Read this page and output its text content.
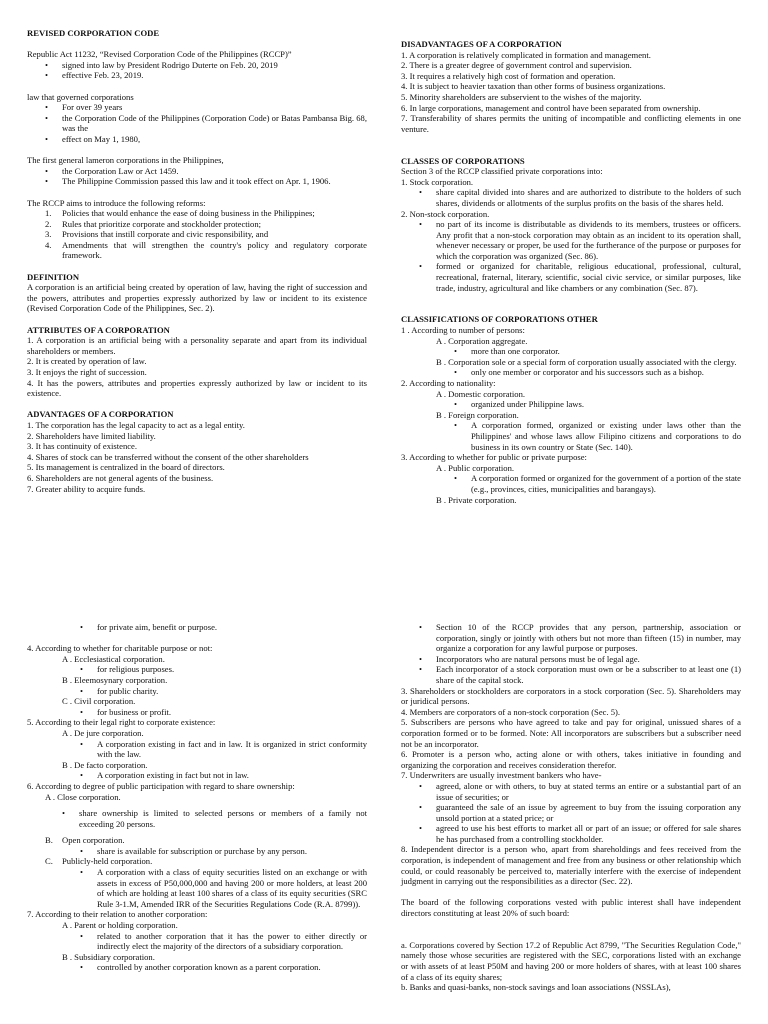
REVISED CORPORATION CODE

Republic Act 11232, “Revised Corporation Code of the Philippines (RCCP)”

• signed into law by President Rodrigo Duterte on Feb. 20, 2019
• effective Feb. 23, 2019.

law that governed corporations

• For over 39 years
• the Corporation Code of the Philippines (Corporation Code) or Batas Pambansa Big. 68, was the
• effect on May 1, 1980,

The first general lameron corporations in the Philippines,

• the Corporation Law or Act 1459.
• The Philippine Commission passed this law and it took effect on Apr. 1, 1906.

The RCCP aims to introduce the following reforms:

1. Policies that would enhance the ease of doing business in the Philippines;
2. Rules that prioritize corporate and stockholder protection;
3. Provisions that instill corporate and civic responsibility, and
4. Amendments that will strengthen the country's policy and regulatory corporate framework.

DEFINITION

A corporation is an artificial being created by operation of law, having the right of succession and the powers, attributes and properties expressly authorized by law or incident to its existence (Revised Corporation Code of the Philippines, Sec. 2).

ATTRIBUTES OF A CORPORATION

1. A corporation is an artificial being with a personality separate and apart from its individual shareholders or members.

2. It is created by operation of law.

3. It enjoys the right of succession.

4. It has the powers, attributes and properties expressly authorized by law or incident to its existence.

ADVANTAGES OF A CORPORATION

1. The corporation has the legal capacity to act as a legal entity.

2. Shareholders have limited liability.

3. It has continuity of existence.

4. Shares of stock can be transferred without the consent of the other shareholders

5. Its management is centralized in the board of directors.

6. Shareholders are not general agents of the business.

7. Greater ability to acquire funds.

DISADVANTAGES OF A CORPORATION

1. A corporation is relatively complicated in formation and management.

2. There is a greater degree of government control and supervision.

3. It requires a relatively high cost of formation and operation.

4. It is subject to heavier taxation than other forms of business organizations.

5. Minority shareholders are subservient to the wishes of the majority.

6. In large corporations, management and control have been separated from ownership.

7. Transferability of shares permits the uniting of incompatible and conflicting elements in one venture.

CLASSES OF CORPORATIONS

Section 3 of the RCCP classified private corporations into:

1. Stock corporation.

• share capital divided into shares and are authorized to distribute to the holders of such shares, dividends or allotments of the surplus profits on the basis of the shares held.

2. Non-stock corporation.

• no part of its income is distributable as dividends to its members, trustees or officers. Any profit that a non-stock corporation may obtain as an incident to its operation shall, whenever necessary or proper, be used for the furtherance of the purpose or purposes for which the corporation was organized (Sec. 86).
• formed or organized for charitable, religious educational, professional, cultural, recreational, fraternal, literary, scientific, social civic service, or similar purposes, like trade, industry, agricultural and like chambers or any combination (Sec. 87).

CLASSIFICATIONS OF CORPORATIONS OTHER

1 . According to number of persons:

A . Corporation aggregate.

• more than one corporator.

B . Corporation sole or a special form of corporation usually associated with the clergy.

• only one member or corporator and his successors such as a bishop.

2. According to nationality:

A . Domestic corporation.

• organized under Philippine laws.

B . Foreign corporation.

• A corporation formed, organized or existing under laws other than the Philippines' and whose laws allow Filipino citizens and corporations to do business in its own country or State (Sec. 140).

3. According to whether for public or private purpose:

A . Public corporation.

• A corporation formed or organized for the government of a portion of the state (e.g., provinces, cities, municipalities and barangays).

B . Private corporation.

• for private aim, benefit or purpose.

4. According to whether for charitable purpose or not:

A . Ecclesiastical corporation.

• for religious purposes.

B . Eleemosynary corporation.

• for public charity.

C . Civil corporation.

• for business or profit.

5. According to their legal right to corporate existence:

A . De jure corporation.

• A corporation existing in fact and in law. It is organized in strict conformity with the law.

B . De facto corporation.

• A corporation existing in fact but not in law.

6. According to degree of public participation with regard to share ownership:

A . Close corporation.

• share ownership is limited to selected persons or members of a family not exceeding 20 persons.
B. Open corporation.
• share is available for subscription or purchase by any person.
C. Publicly-held corporation.
• A corporation with a class of equity securities listed on an exchange or with assets in excess of P50,000,000 and having 200 or more holders, at least 200 of which are holding at least 100 shares of a class of its equity securities (SRC Rule 3-1.M, Amended IRR of the Securities Regulations Code (R.A. 8799)).

7. According to their relation to another corporation:

A . Parent or holding corporation.

• related to another corporation that it has the power to either directly or indirectly elect the majority of the directors of a subsidiary corporation.

B . Subsidiary corporation.

• controlled by another corporation known as a parent corporation.
• Section 10 of the RCCP provides that any person, partnership, association or corporation, singly or jointly with others but not more than fifteen (15) in number, may organize a corporation for any lawful purpose or purposes.
• Incorporators who are natural persons must be of legal age.
• Each incorporator of a stock corporation must own or be a subscriber to at least one (1) share of the capital stock.

3. Shareholders or stockholders are corporators in a stock corporation (Sec. 5). Shareholders may or juridical persons.

4. Members are corporators of a non-stock corporation (Sec. 5).

5. Subscribers are persons who have agreed to take and pay for original, unissued shares of a corporation formed or to be formed. Note: All incorporators are subscribers but a subscriber need not be an incorporator.

6. Promoter is a person who, acting alone or with others, takes initiative in founding and organizing the corporation and receives consideration therefor.

7. Underwriters are usually investment bankers who have-

• agreed, alone or with others, to buy at stated terms an entire or a substantial part of an issue of securities; or
• guaranteed the sale of an issue by agreement to buy from the issuing corporation any unsold portion at a stated price; or
• agreed to use his best efforts to market all or part of an issue; or offered for sale shares he has purchased from a controlling stockholder.

8. Independent director is a person who, apart from shareholdings and fees received from the corporation, is independent of management and free from any business or other relationship which could, or could reasonably be perceived to, materially interfere with the exercise of independent judgment in carrying out the responsibilities as a director (Sec. 22).

The board of the following corporations vested with public interest shall have independent directors constituting at least 20% of such board:

a. Corporations covered by Section 17.2 of Republic Act 8799, "The Securities Regulation Code," namely those whose securities are registered with the SEC, corporations listed with an exchange or with assets of at least P50M and having 200 or more holders of shares, with at least 100 shares of a class of its equity shares;

b. Banks and quasi-banks, non-stock savings and loan associations (NSSLAs),
